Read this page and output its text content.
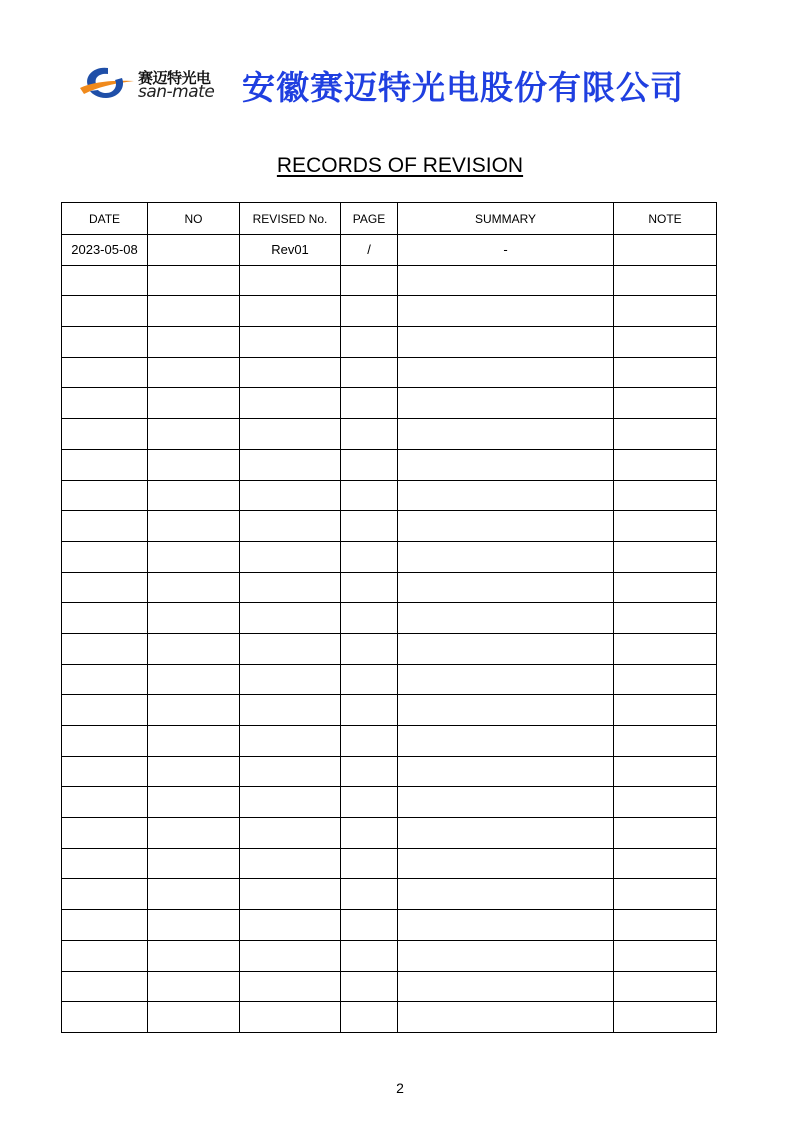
赛迈特光电
san-mate 安徽赛迈特光电股份有限公司
RECORDS OF REVISION
DATE	NO	REVISED No.	PAGE	SUMMARY	NOTE
2023-05-08		Rev01	/	-	

2
